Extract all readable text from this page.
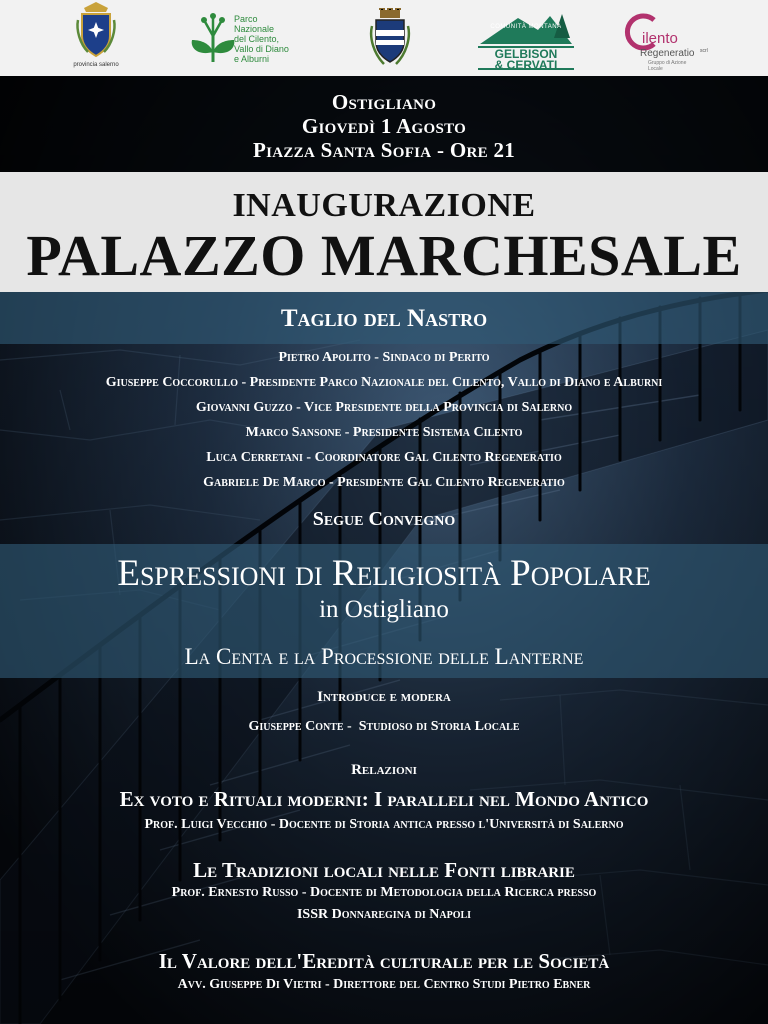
provincia salerno
Parco Nazionale
del Cilento,
Vallo di Diano
e Alburni
COMUNITÀ MONTANA
GELBISON
& CERVATI
ilento
Regeneratio scrl
Gruppo di Azione Locale
Ostigliano
Giovedì 1 Agosto
Piazza Santa Sofia - Ore 21
INAUGURAZIONE
PALAZZO MARCHESALE
Taglio del Nastro
Pietro Apolito - Sindaco di Perito
Giuseppe Coccorullo - Presidente Parco Nazionale del Cilento, Vallo di Diano e Alburni
Giovanni Guzzo - Vice Presidente della Provincia di Salerno
Marco Sansone - Presidente Sistema Cilento
Luca Cerretani - Coordinatore Gal Cilento Regeneratio
Gabriele De Marco - Presidente Gal Cilento Regeneratio
Segue Convegno
Espressioni di Religiosità Popolare
in Ostigliano
La Centa e la Processione delle Lanterne
Introduce e modera
Giuseppe Conte -  Studioso di Storia Locale
Relazioni
Ex voto e Rituali moderni: I paralleli nel Mondo Antico
Prof. Luigi Vecchio - Docente di Storia antica presso l'Università di Salerno
Le Tradizioni locali nelle Fonti librarie
Prof. Ernesto Russo - Docente di Metodologia della Ricerca presso
ISSR Donnaregina di Napoli
Il Valore dell'Eredità culturale per le Società
Avv. Giuseppe Di Vietri - Direttore del Centro Studi Pietro Ebner
